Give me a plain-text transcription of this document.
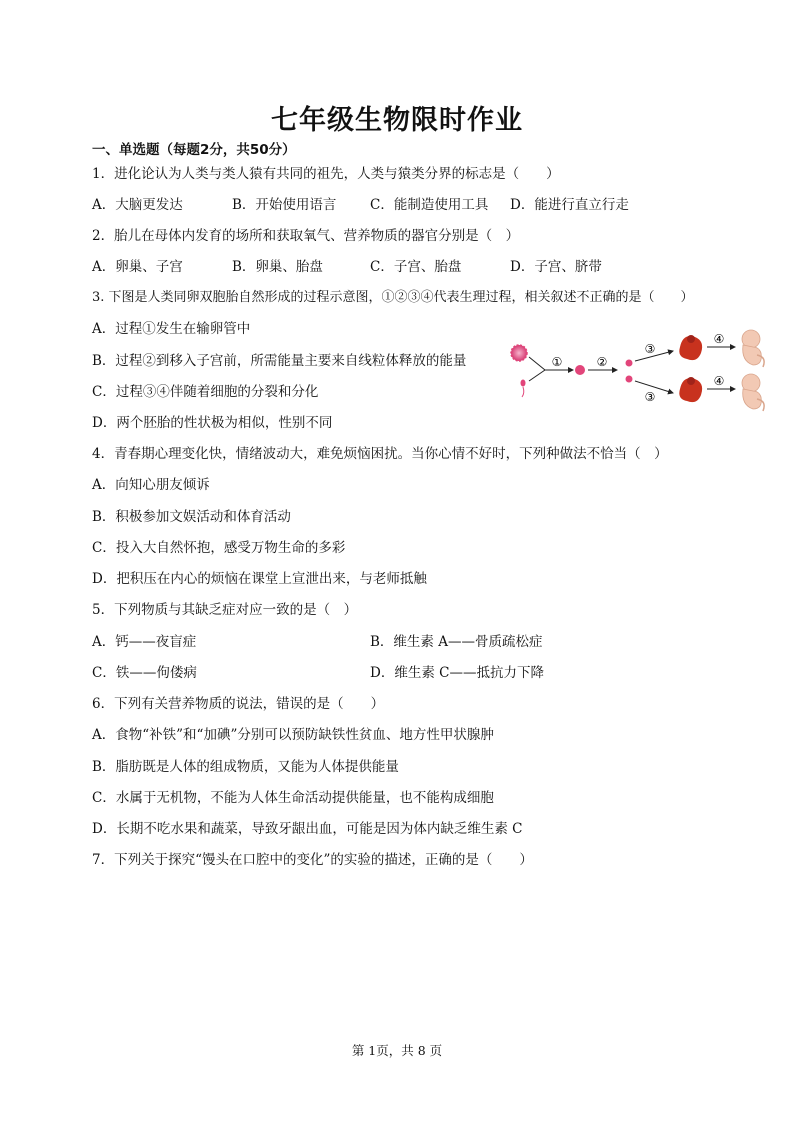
七年级生物限时作业
一、单选题（每题2分，共50分）
1．进化论认为人类与类人猿有共同的祖先，人类与猿类分界的标志是（　　）
A．大脑更发达	B．开始使用语言 C．能制造使用工具 D．能进行直立行走
2．胎儿在母体内发育的场所和获取氧气、营养物质的器官分别是（　）
A．卵巢、子宫	B．卵巢、胎盘	C．子宫、胎盘	D．子宫、脐带
3. 下图是人类同卵双胞胎自然形成的过程示意图，①②③④代表生理过程，相关叙述不正确的是（　　）
A．过程①发生在输卵管中
B．过程②到移入子宫前，所需能量主要来自线粒体释放的能量
C．过程③④伴随着细胞的分裂和分化
D．两个胚胎的性状极为相似，性别不同
①	②
③
④
③
④
4．青春期心理变化快，情绪波动大，难免烦恼困扰。当你心情不好时，下列种做法不恰当（　）
A．向知心朋友倾诉
B．积极参加文娱活动和体育活动
C．投入大自然怀抱，感受万物生命的多彩
D．把积压在内心的烦恼在课堂上宣泄出来，与老师抵触
5．下列物质与其缺乏症对应一致的是（　）
A．钙——夜盲症	B．维生素 A——骨质疏松症
C．铁——佝偻病	D．维生素 C——抵抗力下降
6．下列有关营养物质的说法，错误的是（　　）
A．食物“补铁”和“加碘”分别可以预防缺铁性贫血、地方性甲状腺肿
B．脂肪既是人体的组成物质，又能为人体提供能量
C．水属于无机物，不能为人体生命活动提供能量，也不能构成细胞
D．长期不吃水果和蔬菜，导致牙龈出血，可能是因为体内缺乏维生素 C
7．下列关于探究“馒头在口腔中的变化”的实验的描述，正确的是（　　）
第 1页，共 8 页
